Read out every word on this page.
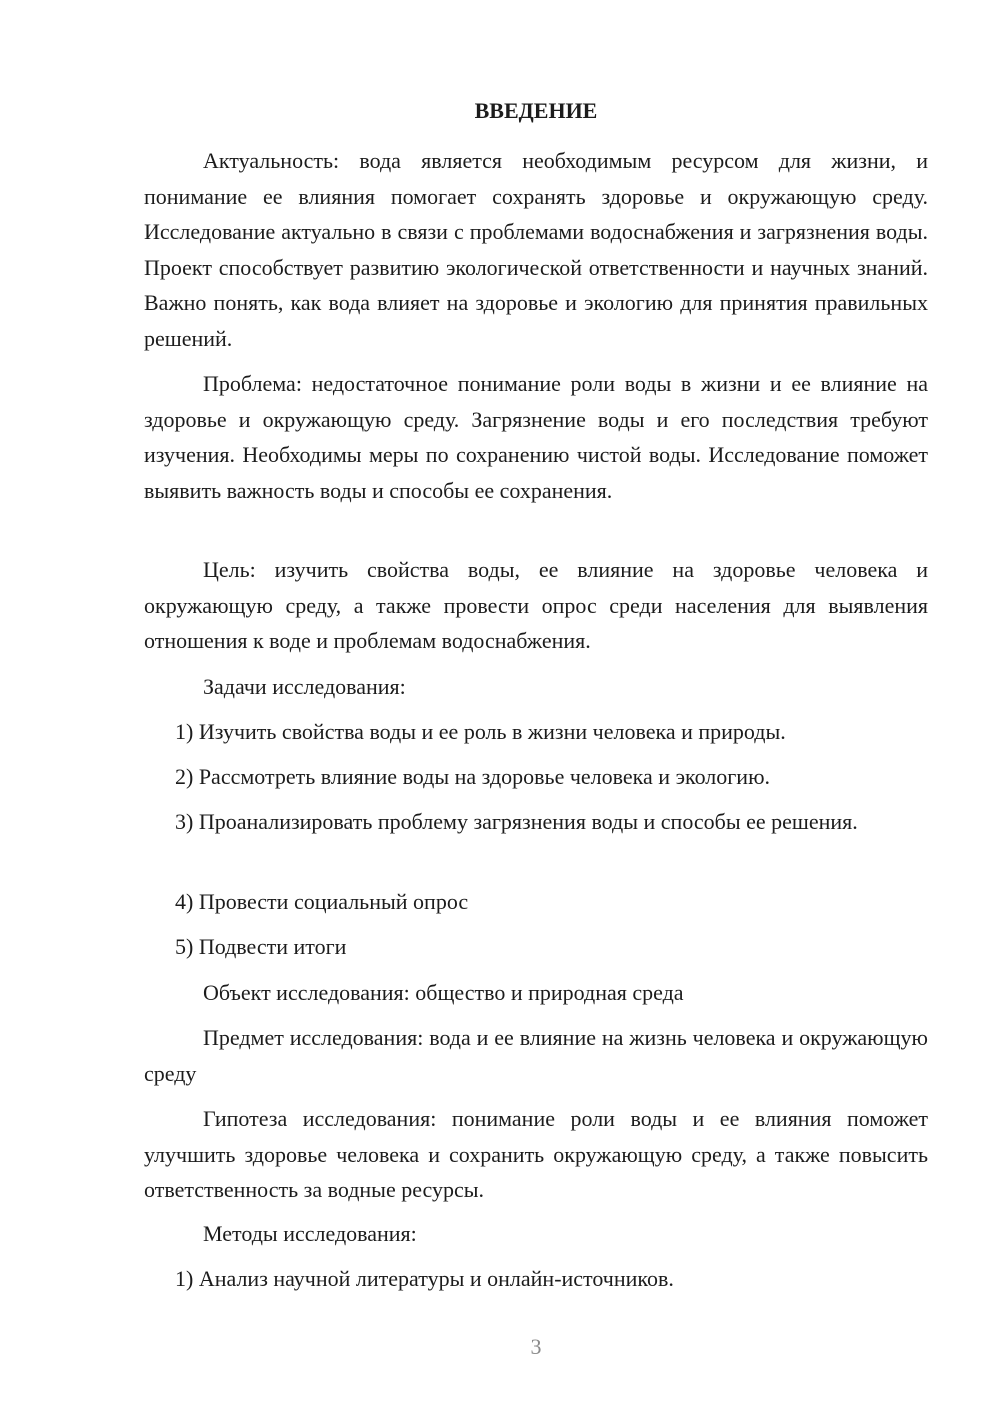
ВВЕДЕНИЕ

Актуальность: вода является необходимым ресурсом для жизни, и понимание ее влияния помогает сохранять здоровье и окружающую среду. Исследование актуально в связи с проблемами водоснабжения и загрязнения воды. Проект способствует развитию экологической ответственности и научных знаний. Важно понять, как вода влияет на здоровье и экологию для принятия правильных решений.

Проблема: недостаточное понимание роли воды в жизни и ее влияние на здоровье и окружающую среду. Загрязнение воды и его последствия требуют изучения. Необходимы меры по сохранению чистой воды. Исследование поможет выявить важность воды и способы ее сохранения.

Цель: изучить свойства воды, ее влияние на здоровье человека и окружающую среду, а также провести опрос среди населения для выявления отношения к воде и проблемам водоснабжения.

Задачи исследования:

1) Изучить свойства воды и ее роль в жизни человека и природы.

2) Рассмотреть влияние воды на здоровье человека и экологию.

3) Проанализировать проблему загрязнения воды и способы ее решения.

4) Провести социальный опрос

5) Подвести итоги

Объект исследования: общество и природная среда

Предмет исследования: вода и ее влияние на жизнь человека и окружающую среду

Гипотеза исследования: понимание роли воды и ее влияния поможет улучшить здоровье человека и сохранить окружающую среду, а также повысить ответственность за водные ресурсы.

Методы исследования:

1) Анализ научной литературы и онлайн-источников.

3
